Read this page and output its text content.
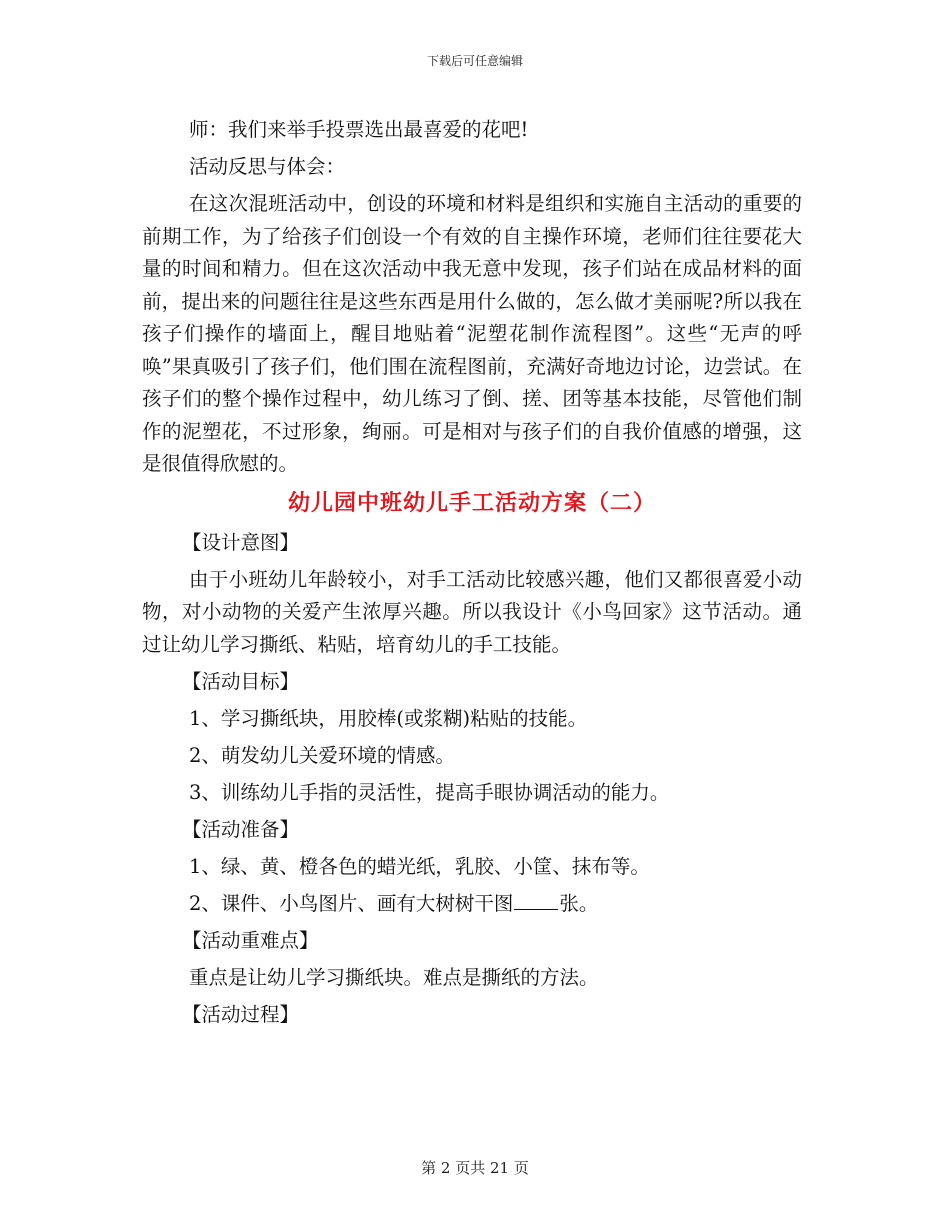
下载后可任意编辑

师：我们来举手投票选出最喜爱的花吧!

活动反思与体会：

在这次混班活动中，创设的环境和材料是组织和实施自主活动的重要的前期工作，为了给孩子们创设一个有效的自主操作环境，老师们往往要花大量的时间和精力。但在这次活动中我无意中发现，孩子们站在成品材料的面前，提出来的问题往往是这些东西是用什么做的，怎么做才美丽呢?所以我在孩子们操作的墙面上，醒目地贴着“泥塑花制作流程图”。这些“无声的呼唤”果真吸引了孩子们，他们围在流程图前，充满好奇地边讨论，边尝试。在孩子们的整个操作过程中，幼儿练习了倒、搓、团等基本技能，尽管他们制作的泥塑花，不过形象，绚丽。可是相对与孩子们的自我价值感的增强，这是很值得欣慰的。

幼儿园中班幼儿手工活动方案（二）

【设计意图】

由于小班幼儿年龄较小，对手工活动比较感兴趣，他们又都很喜爱小动物，对小动物的关爱产生浓厚兴趣。所以我设计《小鸟回家》这节活动。通过让幼儿学习撕纸、粘贴，培育幼儿的手工技能。

【活动目标】

1、学习撕纸块，用胶棒(或浆糊)粘贴的技能。

2、萌发幼儿关爱环境的情感。

3、训练幼儿手指的灵活性，提高手眼协调活动的能力。

【活动准备】

1、绿、黄、橙各色的蜡光纸，乳胶、小筐、抹布等。

2、课件、小鸟图片、画有大树树干图 张。

【活动重难点】

重点是让幼儿学习撕纸块。难点是撕纸的方法。

【活动过程】

第 2 页共 21 页
